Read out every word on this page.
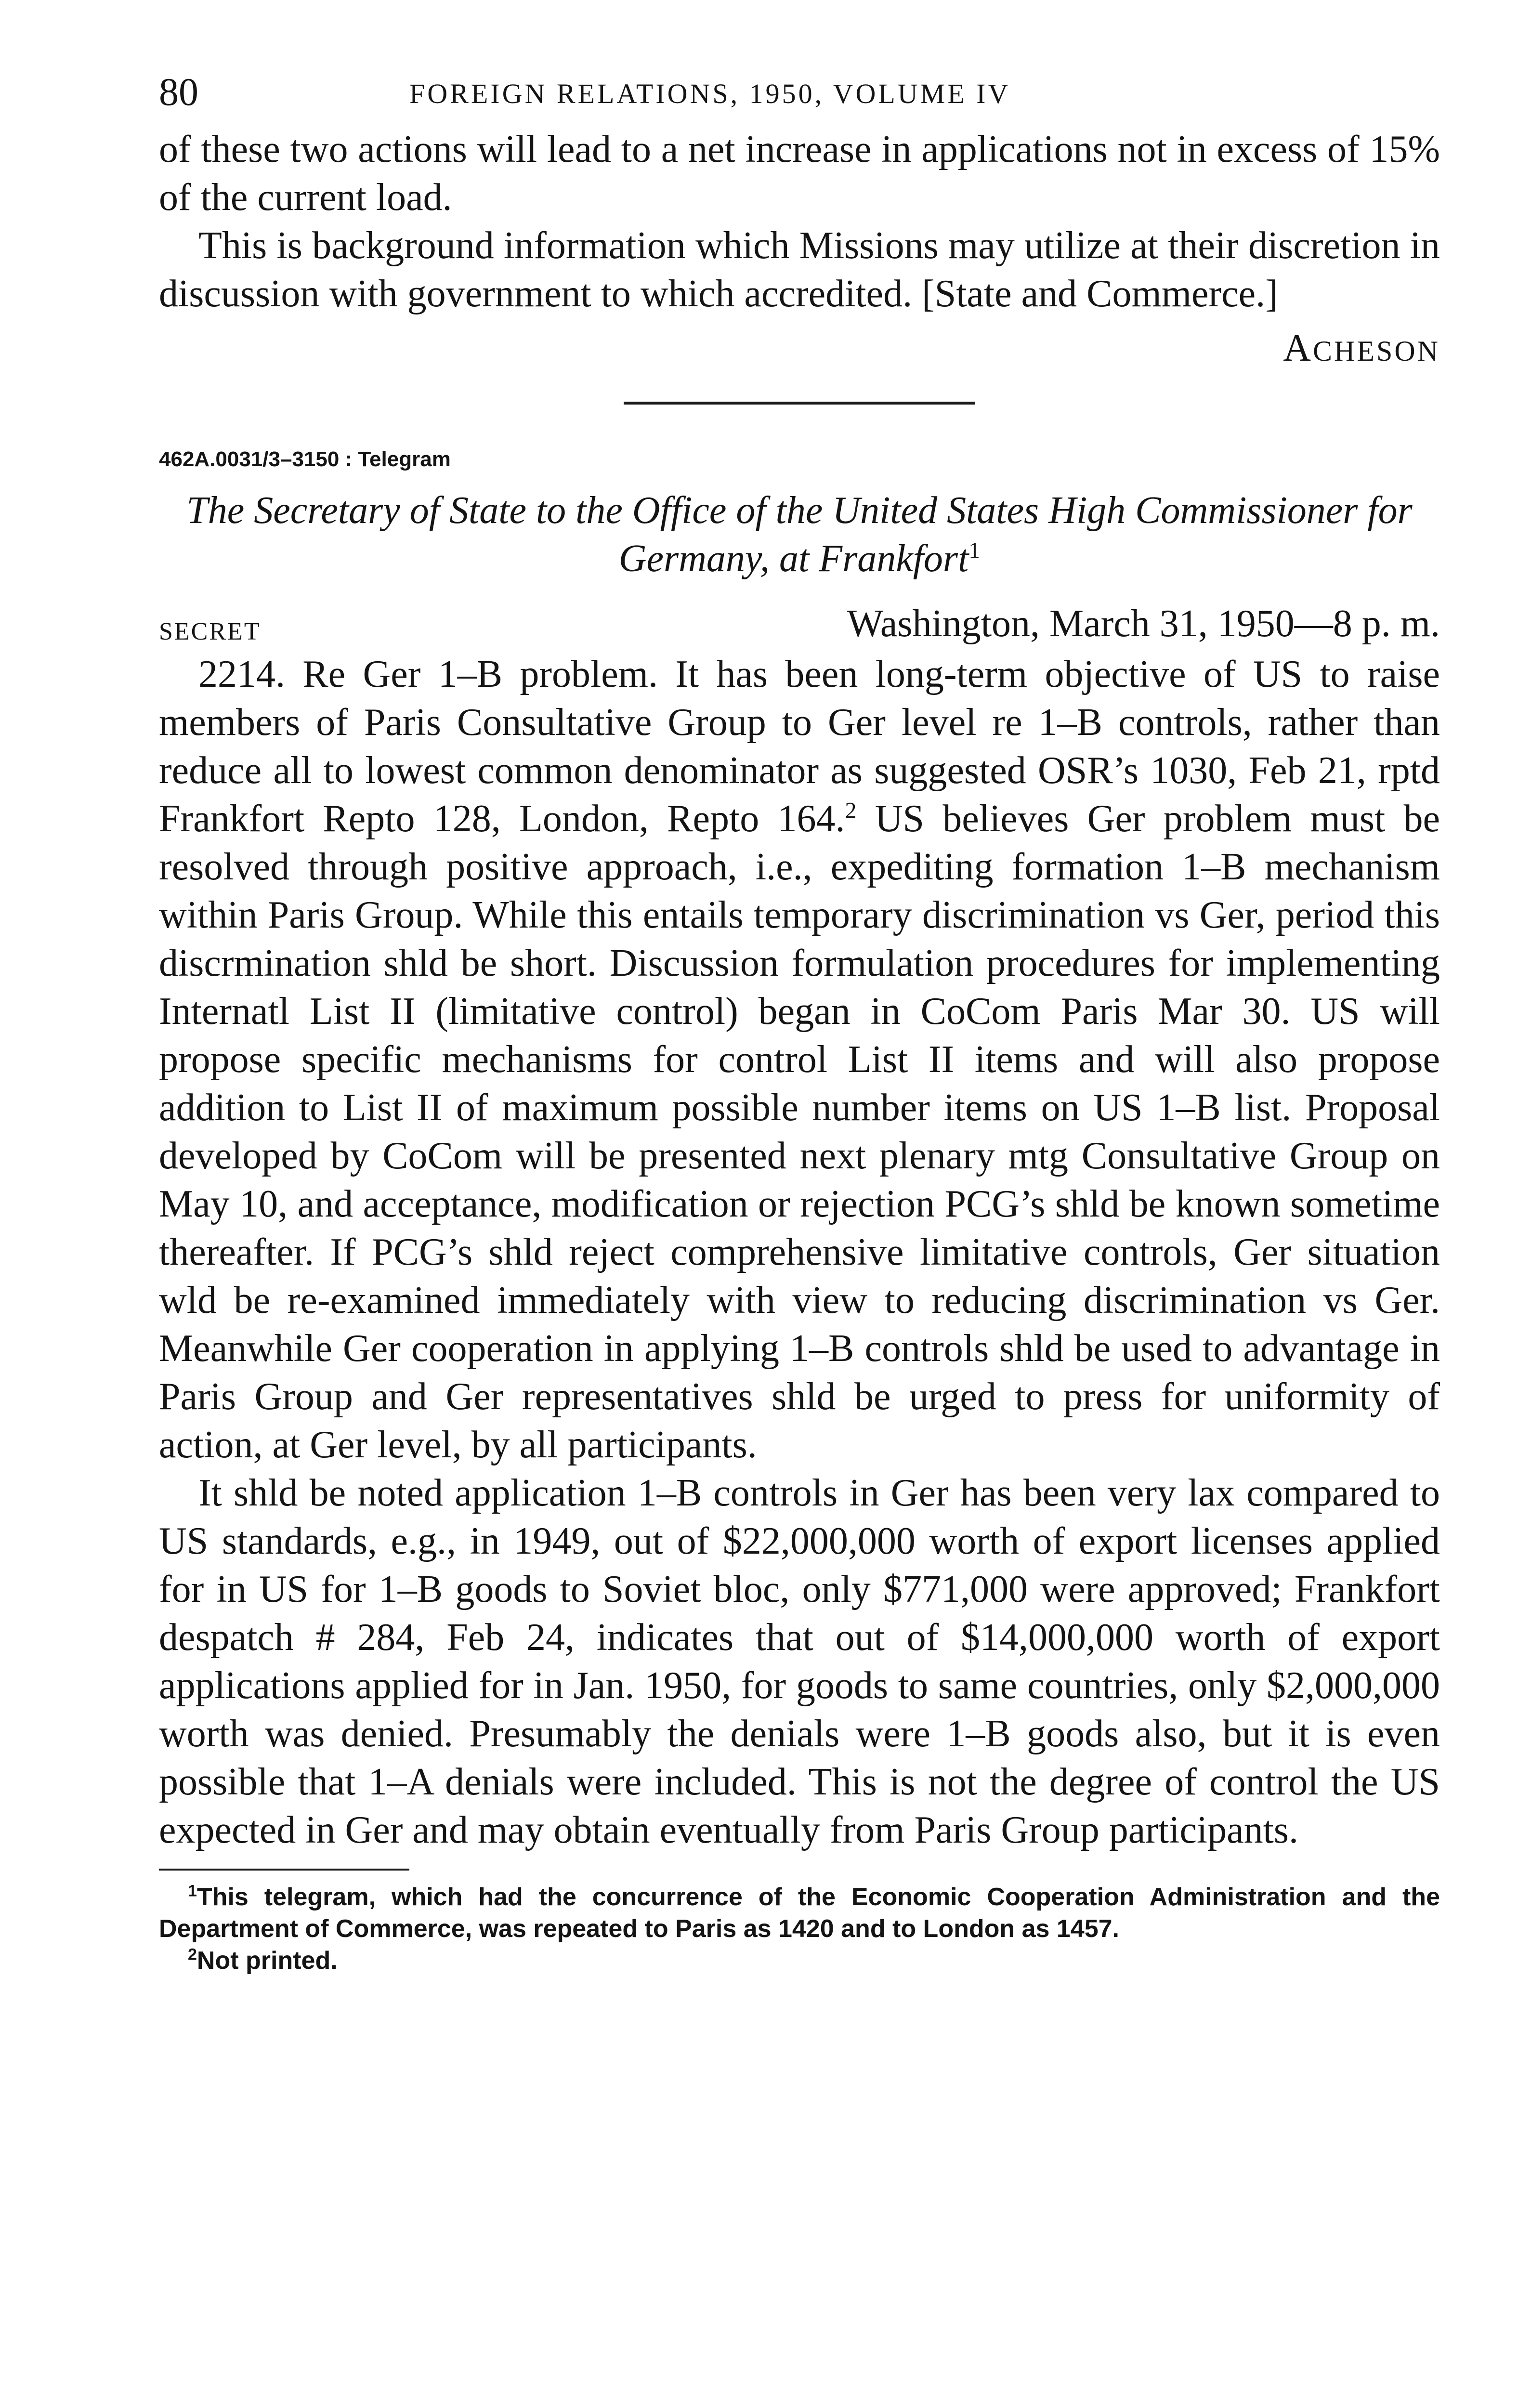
80	FOREIGN RELATIONS, 1950, VOLUME IV

of these two actions will lead to a net increase in applications not in excess of 15% of the current load.

This is background information which Missions may utilize at their discretion in discussion with government to which accredited. [State and Commerce.]

ACHESON
462A.0031/3–3150 : Telegram
The Secretary of State to the Office of the United States High Commissioner for Germany, at Frankfort$^1$
SECRET	Washington, March 31, 1950—8 p. m.

2214. Re Ger 1–B problem. It has been long-term objective of US to raise members of Paris Consultative Group to Ger level re 1–B controls, rather than reduce all to lowest common denominator as suggested OSR’s 1030, Feb 21, rptd Frankfort Repto 128, London, Repto 164.$^2$ US believes Ger problem must be resolved through positive approach, i.e., expediting formation 1–B mechanism within Paris Group. While this entails temporary discrimination vs Ger, period this discrmination shld be short. Discussion formulation procedures for implementing Internatl List II (limitative control) began in CoCom Paris Mar 30. US will propose specific mechanisms for control List II items and will also propose addition to List II of maximum possible number items on US 1–B list. Proposal developed by CoCom will be presented next plenary mtg Consultative Group on May 10, and acceptance, modification or rejection PCG’s shld be known sometime thereafter. If PCG’s shld reject comprehensive limitative controls, Ger situation wld be re-examined immediately with view to reducing discrimination vs Ger. Meanwhile Ger cooperation in applying 1–B controls shld be used to advantage in Paris Group and Ger representatives shld be urged to press for uniformity of action, at Ger level, by all participants.

It shld be noted application 1–B controls in Ger has been very lax compared to US standards, e.g., in 1949, out of $22,000,000 worth of export licenses applied for in US for 1–B goods to Soviet bloc, only $771,000 were approved; Frankfort despatch # 284, Feb 24, indicates that out of $14,000,000 worth of export applications applied for in Jan. 1950, for goods to same countries, only $2,000,000 worth was denied. Presumably the denials were 1–B goods also, but it is even possible that 1–A denials were included. This is not the degree of control the US expected in Ger and may obtain eventually from Paris Group participants.

$^1$This telegram, which had the concurrence of the Economic Cooperation Administration and the Department of Commerce, was repeated to Paris as 1420 and to London as 1457.

$^2$Not printed.
